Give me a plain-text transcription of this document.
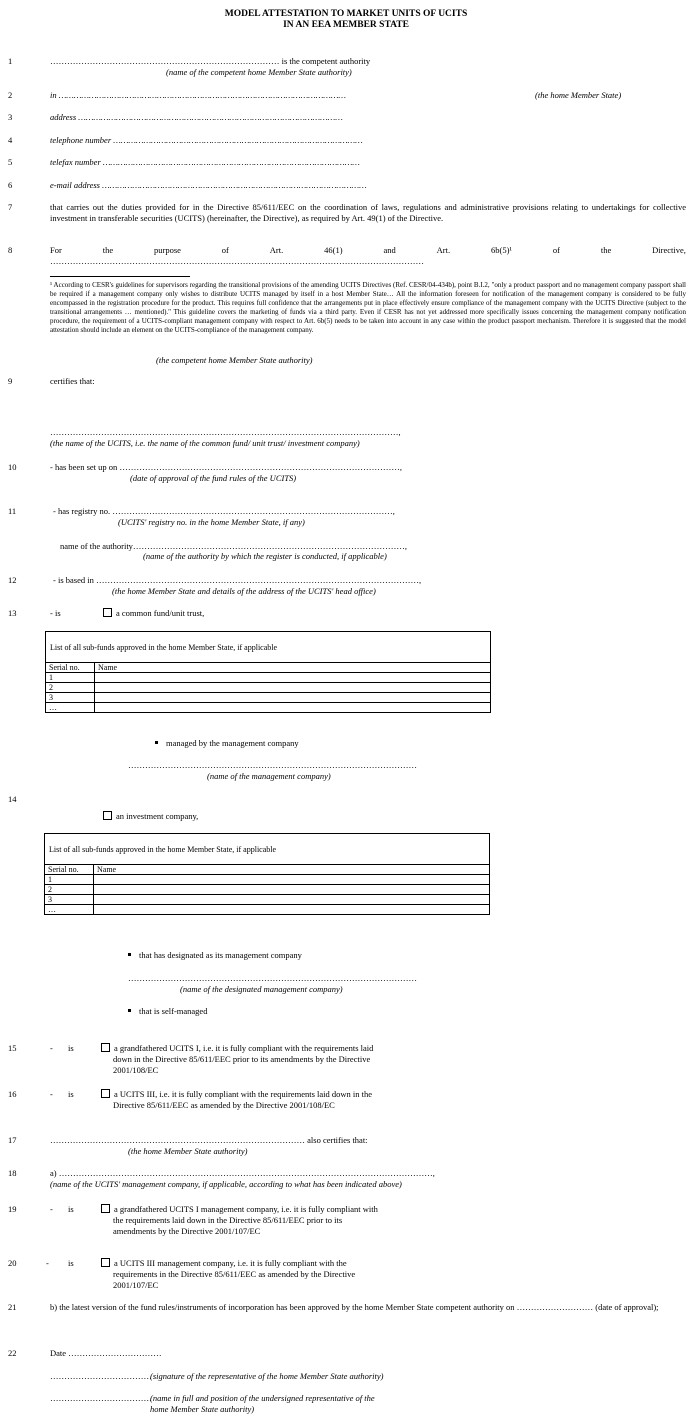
MODEL ATTESTATION TO MARKET UNITS OF UCITS
IN AN EEA MEMBER STATE
1	……………………………………………………………………… is the competent authority
(name of the competent home Member State authority)
2	in ……………………………………………………………………………………………………	(the home Member State)
3	address ……………………………………………………………………………………………
4	telephone number ………………………………………………………………………………………
5	telefax number …………………………………………………………………………………………
6	e-mail address ……………………………………………………………………………………………
7	that carries out the duties provided for in the Directive 85/611/EEC on the coordination of laws, regulations and administrative provisions relating to undertakings for collective investment in transferable securities (UCITS) (hereinafter, the Directive), as required by Art. 49(1) of the Directive.
8	For	the	purpose	of	Art.	46(1)	and	Art.	6b(5)¹	of	the	Directive,
……………………………………………………………………………………………………………………
¹ According to CESR's guidelines for supervisors regarding the transitional provisions of the amending UCITS Directives (Ref. CESR/04-434b), point B.I.2, "only a product passport and no management company passport shall be required if a management company only wishes to distribute UCITS managed by itself in a host Member State… All the information foreseen for notification of the management company is considered to be fully encompassed in the registration procedure for the product. This requires full confidence that the arrangements put in place effectively ensure compliance of the management company with the UCITS Directive (subject to the transitional arrangements … mentioned)." This guideline covers the marketing of funds via a third party. Even if CESR has not yet addressed more specifically issues concerning the management company notification procedure, the requirement of a UCITS-compliant management company with respect to Art. 6b(5) needs to be taken into account in any case within the product passport mechanism. Therefore it is suggested that the model attestation should include an element on the UCITS-compliance of the management company.
(the competent home Member State authority)
9	certifies that:
……………………………………………………………………………………………………………,
(the name of the UCITS, i.e. the name of the common fund/ unit trust/ investment company)
10	- has been set up on ………………………………………………………………………………………,
(date of approval of the fund rules of the UCITS)
11	- has registry no. ………………………………………………………………………………………,
(UCITS' registry no. in the home Member State, if any)
name of the authority……………………………………………………………………………………,
(name of the authority by which the register is conducted, if applicable)
12	- is based in ……………………………………………………………………………………………………,
(the home Member State and details of the address of the UCITS' head office)
13	- is	a common fund/unit trust,
List of all sub-funds approved in the home Member State, if applicable	
Serial no.	Name
1	
2	
3	
…	
managed by the management company
…………………………………………………………………………………………
(name of the management company)
14
an investment company,
List of all sub-funds approved in the home Member State, if applicable	
Serial no.	Name
1	
2	
3	
…	
that has designated as its management company
…………………………………………………………………………………………
(name of the designated management company)
that is self-managed
15	- is	a grandfathered UCITS I, i.e. it is fully compliant with the requirements laid
down in the Directive 85/611/EEC prior to its amendments by the Directive
2001/108/EC
16	- is	a UCITS III, i.e. it is fully compliant with the requirements laid down in the
Directive 85/611/EEC as amended by the Directive 2001/108/EC
17	……………………………………………………………………………… also certifies that:
(the home Member State authority)
18	a) ……………………………………………………………………………………………………………………,
(name of the UCITS' management company, if applicable, according to what has been indicated above)
19	- is	a grandfathered UCITS I management company, i.e. it is fully compliant with
the requirements laid down in the Directive 85/611/EEC prior to its
amendments by the Directive 2001/107/EC
20	- is	a UCITS III management company, i.e. it is fully compliant with the
requirements in the Directive 85/611/EEC as amended by the Directive
2001/107/EC
21	b) the latest version of the fund rules/instruments of incorporation has been approved by the home Member State competent authority on ……………………… (date of approval);
22	Date ……………………………
………………………………
(signature of the representative of the home Member State authority)
………………………………
(name in full and position of the undersigned representative of the
home Member State authority)
